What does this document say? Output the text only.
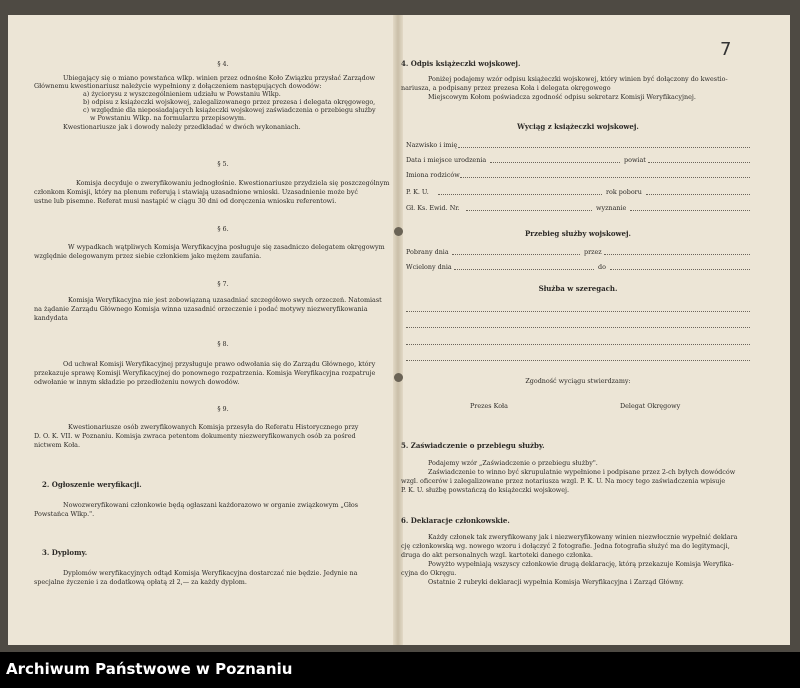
§ 4.
Ubiegający się o miano powstańca wlkp. winien przez odnośne Koło Związku przysłać Zarządow
Głównemu kwestionariusz należycie wypełniony z dołączeniem następujących dowodów:
a) życiorysu z wyszczególnieniem udziału w Powstaniu Wlkp.
b) odpisu z książeczki wojskowej, zalegalizowanego przez prezesa i delegata okręgowego,
c) względnie dla nieposiadających książeczki wojskowej zaświadczenia o przebiegu służby
w Powstaniu Wlkp. na formularzu przepisowym.
Kwestionariusze jak i dowody należy przedkładać w dwóch wykonaniach.
§ 5.
Komisja decyduje o zweryfikowaniu jednogłośnie. Kwestionariusze przydziela się poszczególnym
członkom Komisji, który na plenum referują i stawiają uzasadnione wnioski. Uzasadnienie może być
ustne lub pisemne. Referat musi nastąpić w ciągu 30 dni od doręczenia wniosku referentowi.
§ 6.
W wypadkach wątpliwych Komisja Weryfikacyjna posługuje się zasadniczo delegatem okręgowym
względnie delegowanym przez siebie członkiem jako mężem zaufania.
§ 7.
Komisja Weryfikacyjna nie jest zobowiązaną uzasadniać szczegółowo swych orzeczeń. Natomiast
na żądanie Zarządu Głównego Komisja winna uzasadnić orzeczenie i podać motywy niezweryfikowania
kandydata
§ 8.
Od uchwał Komisji Weryfikacyjnej przysługuje prawo odwołania się do Zarządu Głównego, który
przekazuje sprawę Komisji Weryfikacyjnej do ponownego rozpatrzenia. Komisja Weryfikacyjna rozpatruje
odwołanie w innym składzie po przedłożeniu nowych dowodów.
§ 9.
Kwestionariusze osób zweryfikowanych Komisja przesyła do Referatu Historycznego przy
D. O. K. VII. w Poznaniu. Komisja zwraca petentom dokumenty niezweryfikowanych osób za pośred
nictwem Koła.
2. Ogłoszenie weryfikacji.
Nowozweryfikowani członkowie będą ogłaszani każdorazowo w organie związkowym „Głos
Powstańca Wlkp.".
3. Dyplomy.
Dyplomów weryfikacyjnych odtąd Komisja Weryfikacyjna dostarczać nie będzie. Jedynie na
specjalne życzenie i za dodatkową opłatą zł 2,— za każdy dyplom.
4. Odpis książeczki wojskowej.
Poniżej podajemy wzór odpisu książeczki wojskowej, który winien być dołączony do kwestio-
nariusza, a podpisany przez prezesa Koła i delegata okręgowego
Miejscowym Kołom poświadcza zgodność odpisu sekretarz Komisji Weryfikacyjnej.
Wyciąg z książeczki wojskowej.
Nazwisko i imię
Data i miejsce urodzenia	powiat
Imiona rodziców
P. K. U.	rok poboru
Gł. Ks. Ewid. Nr.	wyznanie
Przebieg służby wojskowej.
Pobrany dnia	przez
Wcielony dnia	do
Służba w szeregach.
Zgodność wyciągu stwierdzamy:
Prezes Koła	Delegat Okręgowy
5. Zaświadczenie o przebiegu służby.
Podajemy wzór „Zaświadczenie o przebiegu służby".
Zaświadczenie to winno być skrupulatnie wypełnione i podpisane przez 2-ch byłych dowódców
wzgl. oficerów i zalegalizowane przez notariusza wzgl. P. K. U. Na mocy tego zaświadczenia wpisuje
P. K. U. służbę powstańczą do książeczki wojskowej.
6. Deklaracje członkowskie.
Każdy członek tak zweryfikowany jak i niezweryfikowany winien niezwłocznie wypełnić deklara
cję członkowską wg. nowego wzoru i dołączyć 2 fotografie. Jedna fotografia służyć ma do legitymacji,
druga do akt personalnych wzgl. kartoteki danego członka.
Powyżto wypełniają wszyscy członkowie drugą deklarację, którą przekazuje Komisja Weryfika-
cyjna do Okręgu.
Ostatnie 2 rubryki deklaracji wypełnia Komisja Weryfikacyjna i Zarząd Główny.
7
Archiwum Państwowe w Poznaniu
